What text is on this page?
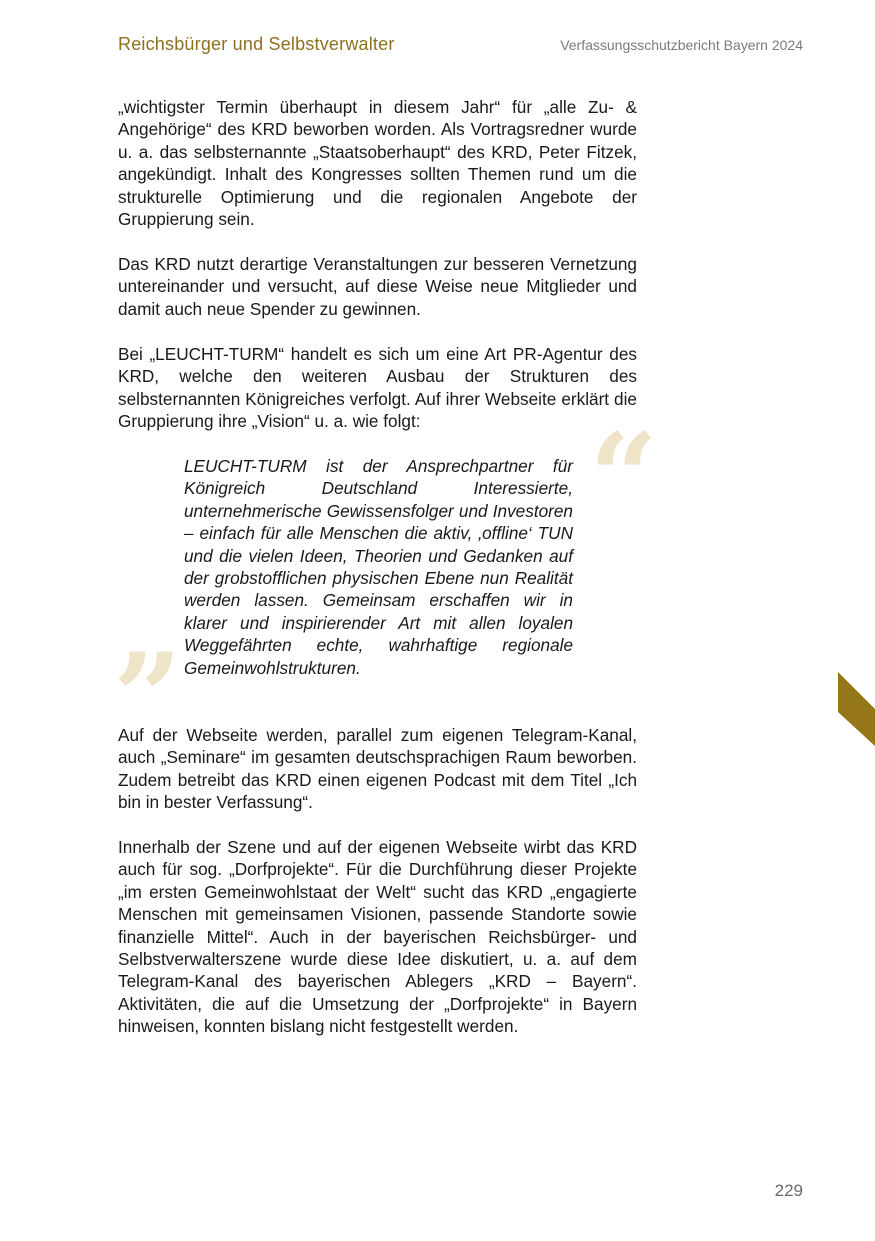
Reichsbürger und Selbstverwalter	Verfassungsschutzbericht Bayern 2024

„wichtigster Termin überhaupt in diesem Jahr“ für „alle Zu- & Angehörige“ des KRD beworben worden. Als Vortragsredner wurde u. a. das selbsternannte „Staatsoberhaupt“ des KRD, Peter Fitzek, angekündigt. Inhalt des Kongresses sollten Themen rund um die strukturelle Optimierung und die regionalen Angebote der Gruppierung sein.

Das KRD nutzt derartige Veranstaltungen zur besseren Vernetzung untereinander und versucht, auf diese Weise neue Mitglieder und damit auch neue Spender zu gewinnen.

Bei „LEUCHT-TURM“ handelt es sich um eine Art PR-Agentur des KRD, welche den weiteren Ausbau der Strukturen des selbsternannten Königreiches verfolgt. Auf ihrer Webseite erklärt die Gruppierung ihre „Vision“ u. a. wie folgt:	“

LEUCHT-TURM ist der Ansprechpartner für Königreich Deutschland Interessierte, unternehmerische Gewissensfolger und Investoren – einfach für alle Menschen die aktiv, ‚offline‘ TUN und die vielen Ideen, Theorien und Gedanken auf der grobstofflichen physischen Ebene nun Realität werden lassen. Gemeinsam erschaffen wir in klarer und inspirierender Art mit allen loyalen Weggefährten echte, wahrhaftige regionale Gemeinwohlstrukturen.

”

Auf der Webseite werden, parallel zum eigenen Telegram-Kanal, auch „Seminare“ im gesamten deutschsprachigen Raum beworben. Zudem betreibt das KRD einen eigenen Podcast mit dem Titel „Ich bin in bester Verfassung“.

Innerhalb der Szene und auf der eigenen Webseite wirbt das KRD auch für sog. „Dorfprojekte“. Für die Durchführung dieser Projekte „im ersten Gemeinwohlstaat der Welt“ sucht das KRD „engagierte Menschen mit gemeinsamen Visionen, passende Standorte sowie finanzielle Mittel“. Auch in der bayerischen Reichsbürger- und Selbstverwalterszene wurde diese Idee diskutiert, u. a. auf dem Telegram-Kanal des bayerischen Ablegers „KRD – Bayern“. Aktivitäten, die auf die Umsetzung der „Dorfprojekte“ in Bayern hinweisen, konnten bislang nicht festgestellt werden.

229
